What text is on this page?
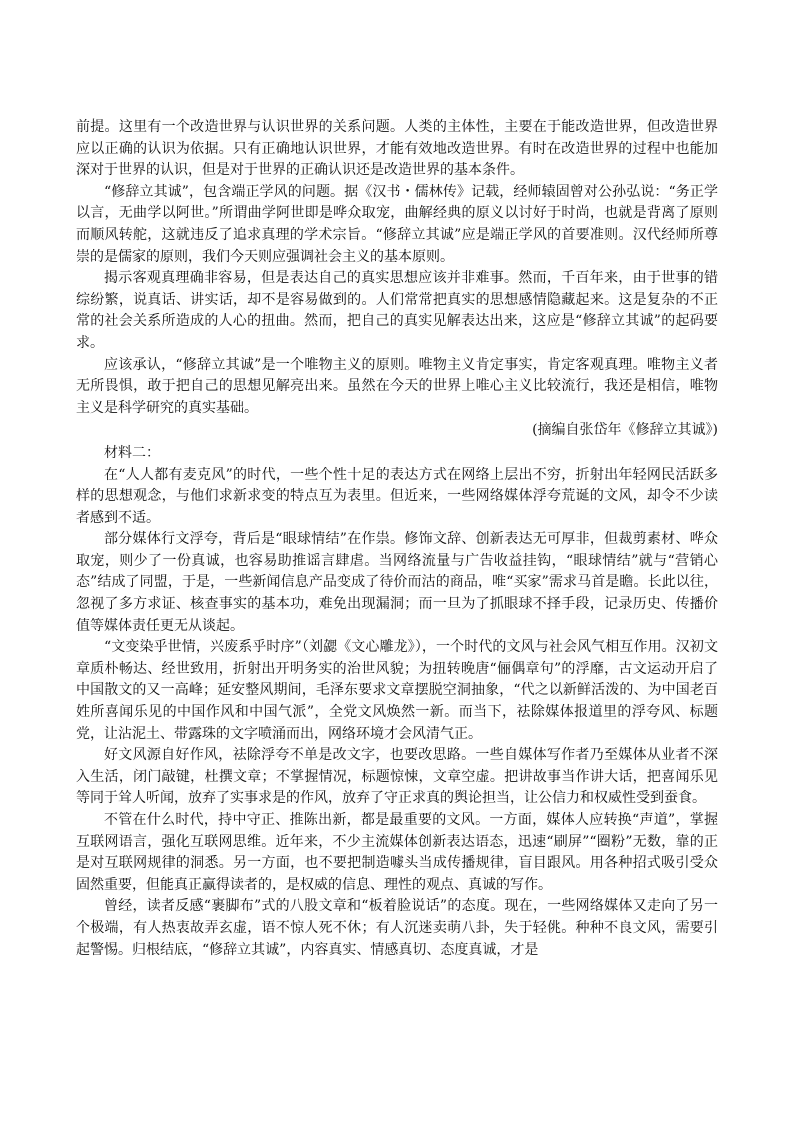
前提。这里有一个改造世界与认识世界的关系问题。人类的主体性，主要在于能改造世界，但改造世界应以正确的认识为依据。只有正确地认识世界，才能有效地改造世界。有时在改造世界的过程中也能加深对于世界的认识，但是对于世界的正确认识还是改造世界的基本条件。

“修辞立其诚”，包含端正学风的问题。据《汉书・儒林传》记载，经师辕固曾对公孙弘说：“务正学以言，无曲学以阿世。”所谓曲学阿世即是哗众取宠，曲解经典的原义以讨好于时尚，也就是背离了原则而顺风转舵，这就违反了追求真理的学术宗旨。“修辞立其诚”应是端正学风的首要准则。汉代经师所尊崇的是儒家的原则，我们今天则应强调社会主义的基本原则。

揭示客观真理确非容易，但是表达自己的真实思想应该并非难事。然而，千百年来，由于世事的错综纷繁，说真话、讲实话，却不是容易做到的。人们常常把真实的思想感情隐藏起来。这是复杂的不正常的社会关系所造成的人心的扭曲。然而，把自己的真实见解表达出来，这应是“修辞立其诚”的起码要求。

应该承认，“修辞立其诚”是一个唯物主义的原则。唯物主义肯定事实，肯定客观真理。唯物主义者无所畏惧，敢于把自己的思想见解亮出来。虽然在今天的世界上唯心主义比较流行，我还是相信，唯物主义是科学研究的真实基础。

(摘编自张岱年《修辞立其诚》)

材料二：

在“人人都有麦克风”的时代，一些个性十足的表达方式在网络上层出不穷，折射出年轻网民活跃多样的思想观念，与他们求新求变的特点互为表里。但近来，一些网络媒体浮夸荒诞的文风，却令不少读者感到不适。

部分媒体行文浮夸，背后是“眼球情结”在作祟。修饰文辞、创新表达无可厚非，但裁剪素材、哗众取宠，则少了一份真诚，也容易助推谣言肆虐。当网络流量与广告收益挂钩，“眼球情结”就与“营销心态”结成了同盟，于是，一些新闻信息产品变成了待价而沽的商品，唯“买家”需求马首是瞻。长此以往，忽视了多方求证、核查事实的基本功，难免出现漏洞；而一旦为了抓眼球不择手段，记录历史、传播价值等媒体责任更无从谈起。

“文变染乎世情，兴废系乎时序”（刘勰《文心雕龙》），一个时代的文风与社会风气相互作用。汉初文章质朴畅达、经世致用，折射出开明务实的治世风貌；为扭转晚唐“俪偶章句”的浮靡，古文运动开启了中国散文的又一高峰；延安整风期间，毛泽东要求文章摆脱空洞抽象，“代之以新鲜活泼的、为中国老百姓所喜闻乐见的中国作风和中国气派”，全党文风焕然一新。而当下，祛除媒体报道里的浮夸风、标题党，让沾泥土、带露珠的文字喷涌而出，网络环境才会风清气正。

好文风源自好作风，祛除浮夸不单是改文字，也要改思路。一些自媒体写作者乃至媒体从业者不深入生活，闭门敲键，杜撰文章；不掌握情况，标题惊悚，文章空虚。把讲故事当作讲大话，把喜闻乐见等同于耸人听闻，放弃了实事求是的作风，放弃了守正求真的舆论担当，让公信力和权威性受到蚕食。

不管在什么时代，持中守正、推陈出新，都是最重要的文风。一方面，媒体人应转换“声道”，掌握互联网语言，强化互联网思维。近年来，不少主流媒体创新表达语态，迅速“刷屏”“圈粉”无数，靠的正是对互联网规律的洞悉。另一方面，也不要把制造噱头当成传播规律，盲目跟风。用各种招式吸引受众固然重要，但能真正赢得读者的，是权威的信息、理性的观点、真诚的写作。

曾经，读者反感“裹脚布”式的八股文章和“板着脸说话”的态度。现在，一些网络媒体又走向了另一个极端，有人热衷故弄玄虚，语不惊人死不休；有人沉迷卖萌八卦，失于轻佻。种种不良文风，需要引起警惕。归根结底，“修辞立其诚”，内容真实、情感真切、态度真诚，才是
